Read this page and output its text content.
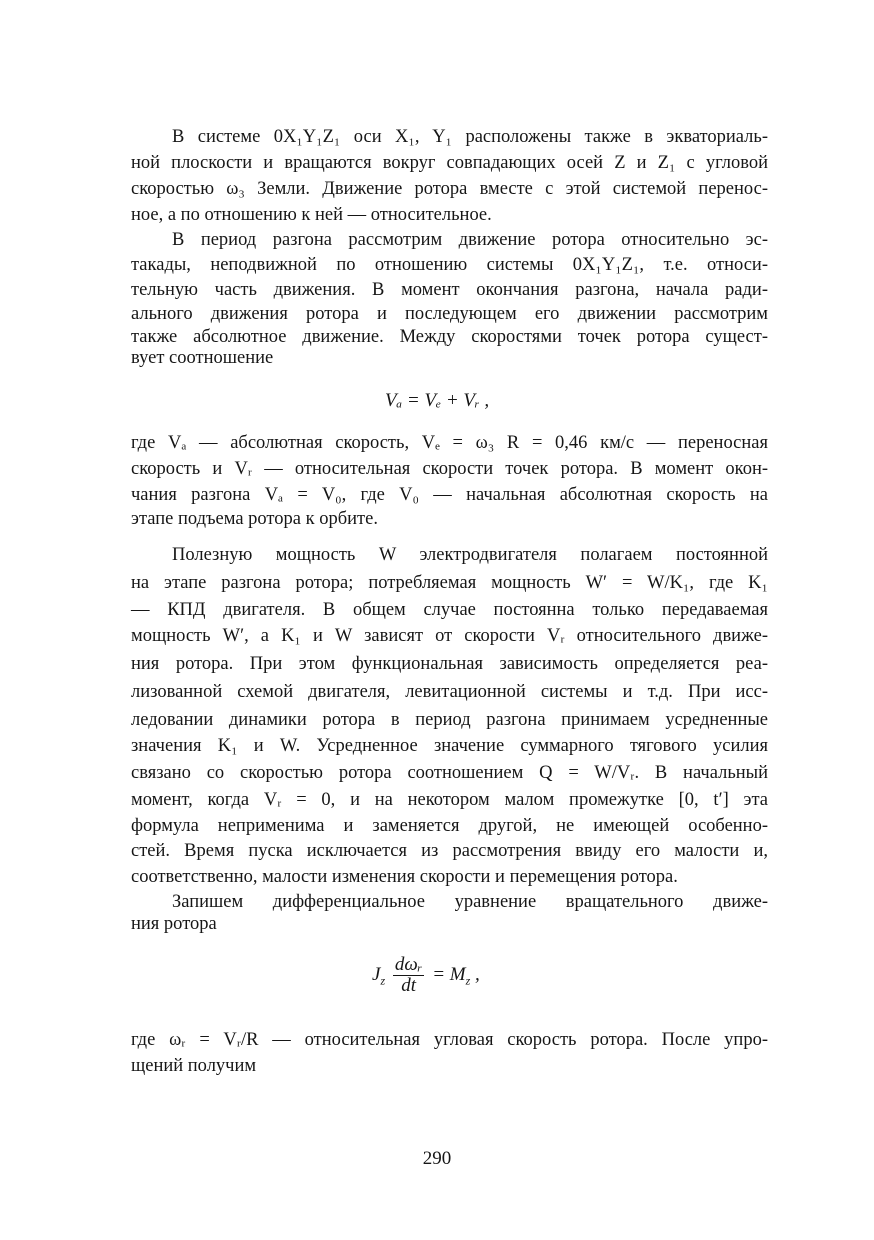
В системе 0X₁Y₁Z₁ оси X₁, Y₁ расположены также в экваториаль-
ной плоскости и вращаются вокруг совпадающих осей Z и Z₁ с угловой
скоростью ω₃ Земли. Движение ротора вместе с этой системой перенос-
ное, а по отношению к ней — относительное.
В период разгона рассмотрим движение ротора относительно эс-
такады, неподвижной по отношению системы 0X₁Y₁Z₁, т.е. относи-
тельную часть движения. В момент окончания разгона, начала ради-
ального движения ротора и последующем его движении рассмотрим
также абсолютное движение. Между скоростями точек ротора сущест-
вует соотношение
Vₐ = Vₑ + Vᵣ ,
где Vₐ — абсолютная скорость, Vₑ = ω₃ R = 0,46 км/с — переносная
скорость и Vᵣ — относительная скорости точек ротора. В момент окон-
чания разгона Vₐ = V₀, где V₀ — начальная абсолютная скорость на
этапе подъема ротора к орбите.
Полезную мощность W электродвигателя полагаем постоянной
на этапе разгона ротора; потребляемая мощность W′ = W/K₁, где K₁
— КПД двигателя. В общем случае постоянна только передаваемая
мощность W′, а K₁ и W зависят от скорости Vᵣ относительного движе-
ния ротора. При этом функциональная зависимость определяется реа-
лизованной схемой двигателя, левитационной системы и т.д. При исс-
ледовании динамики ротора в период разгона принимаем усредненные
значения K₁ и W. Усредненное значение суммарного тягового усилия
связано со скоростью ротора соотношением Q = W/Vᵣ. В начальный
момент, когда Vᵣ = 0, и на некотором малом промежутке [0, t′] эта
формула неприменима и заменяется другой, не имеющей особенно-
стей. Время пуска исключается из рассмотрения ввиду его малости и,
соответственно, малости изменения скорости и перемещения ротора.
Запишем дифференциальное уравнение вращательного движе-
ния ротора
$J_z \frac{\text{dωᵣ}}{dt} = M_z$ ,
где ωᵣ = Vᵣ/R — относительная угловая скорость ротора. После упро-
щений получим
290
